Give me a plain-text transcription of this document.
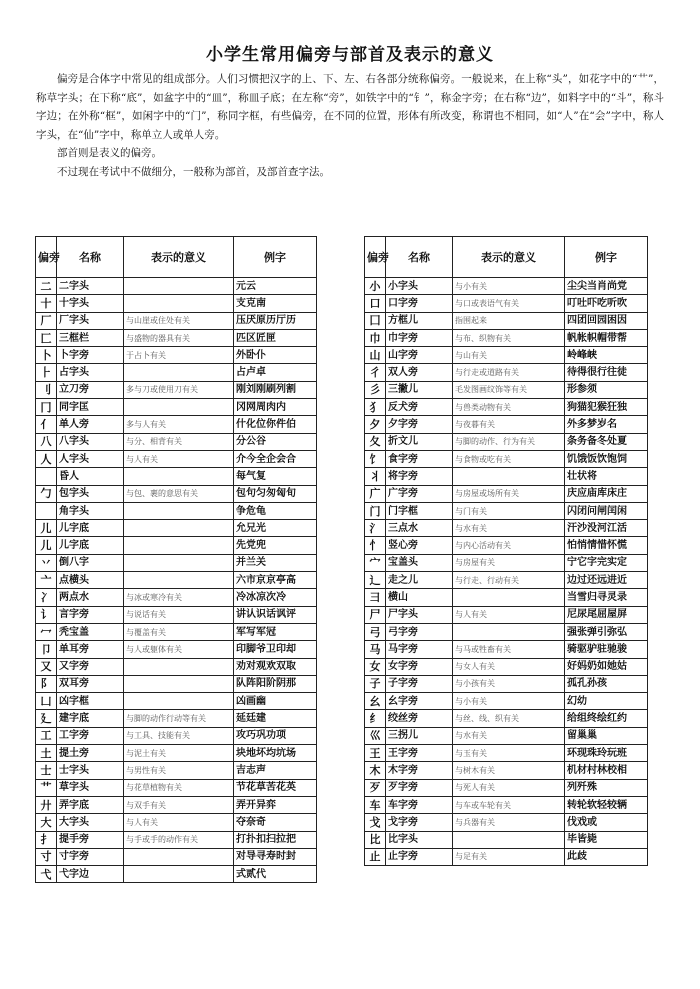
小学生常用偏旁与部首及表示的意义

偏旁是合体字中常见的组成部分。人们习惯把汉字的上、下、左、右各部分统称偏旁。一般说来，在上称“头”，如花字中的“艹”，称草字头；在下称“底”，如盆字中的“皿”，称皿子底；在左称“旁”，如铁字中的“钅”，称金字旁；在右称“边”，如料字中的“斗”，称斗字边；在外称“框”，如闲字中的“门”，称同字框，有些偏旁，在不同的位置，形体有所改变，称谓也不相同，如“人”在“会”字中，称人字头，在“仙”字中，称单立人或单人旁。

部首则是表义的偏旁。

不过现在考试中不做细分，一般称为部首，及部首查字法。

偏旁	名称	表示的意义	例字
二	二字头		元云
十	十字头		支克南
厂	厂字头	与山崖或住处有关	压厌原历厅历
匚	三框栏	与盛物的器具有关	匹区匠匣
卜	卜字旁	于占卜有关	外卧仆
⺊	占字头		占卢卓
刂	立刀旁	多与刀或使用刀有关	刚刘刚刷列割
冂	同字匡		冈网周肉内
亻	单人旁	多与人有关	什化位你件伯
八	八字头	与分、相背有关	分公谷
人	人字头	与人有关	介今全企会合
	昏人		每气复
勹	包字头	与包、裹的意思有关	包句匀匆匈旬
	角字头		争危龟
儿	儿字底		允兄光
儿	儿字底		先党兜
丷	倒八字		并兰关
亠	点横头		六市京京亭高
冫	两点水	与冰或寒冷有关	冷冰凉次冷
讠	言字旁	与说话有关	讲认识话讽评
冖	秃宝盖	与覆盖有关	军写军冠
卩	单耳旁	与人或躯体有关	印脚爷卫印却
又	又字旁		劝对观欢双取
阝	双耳旁		队阵阳阶阴那
凵	凶字框		凶画幽
廴	建字底	与脚的动作行动等有关	延廷建
工	工字旁	与工具、技能有关	攻巧巩功项
土	提土旁	与泥土有关	块地坏均坑场
士	士字头	与男性有关	吉志声
艹	草字头	与花草植物有关	节花草苦花英
廾	弄字底	与双手有关	弄开异弈
大	大字头	与人有关	夺奈奇
扌	提手旁	与手或手的动作有关	打扑扣扫拉把
寸	寸字旁		对导寻寿时封
弋	弋字边		式贰代
偏旁	名称	表示的意义	例字
小	小字头	与小有关	尘尖当肖尚党
口	口字旁	与口或表语气有关	叮吐吓吃听吹
囗	方框儿	指围起来	四团回园困因
巾	巾字旁	与布、织物有关	帆帐帜帽带帮
山	山字旁	与山有关	岭峰峡
彳	双人旁	与行走或道路有关	待得很行往徒
彡	三撇儿	毛发图画纹饰等有关	形参须
犭	反犬旁	与兽类动物有关	狗猫犯猴狂独
夕	夕字旁	与夜暮有关	外多梦岁名
夂	折文儿	与脚的动作、行为有关	条务备冬处夏
饣	食字旁	与食物或吃有关	饥饿饭饮饱饲
丬	将字旁		壮状将
广	广字旁	与房屋或场所有关	庆应庙库床庄
门	门字框	与门有关	闪闭问闸闰闲
氵	三点水	与水有关	汗沙没河江活
忄	竖心旁	与内心活动有关	怕悄情惜怀慌
宀	宝盖头	与房屋有关	宁它字完实定
辶	走之儿	与行走、行动有关	边过还远进近
彐	横山		当雪归寻灵录
尸	尸字头	与人有关	尼尿尾屈屋屏
弓	弓字旁		强张弹引弥弘
马	马字旁	与马或牲畜有关	骑驱驴驻驰骏
女	女字旁	与女人有关	好妈奶如她姑
子	子字旁	与小孩有关	孤孔孙孩
幺	幺字旁	与小有关	幻幼
纟	绞丝旁	与丝、线、织有关	给组终绘红约
巛	三拐儿	与水有关	留巢巢
王	王字旁	与玉有关	环现珠玲玩班
木	木字旁	与树木有关	机材村林校相
歹	歹字旁	与死人有关	列歼殊
车	车字旁	与车或车轮有关	转轮软轻较辆
戈	戈字旁	与兵器有关	伐戏或
比	比字头		毕皆毙
止	止字旁	与足有关	此歧
